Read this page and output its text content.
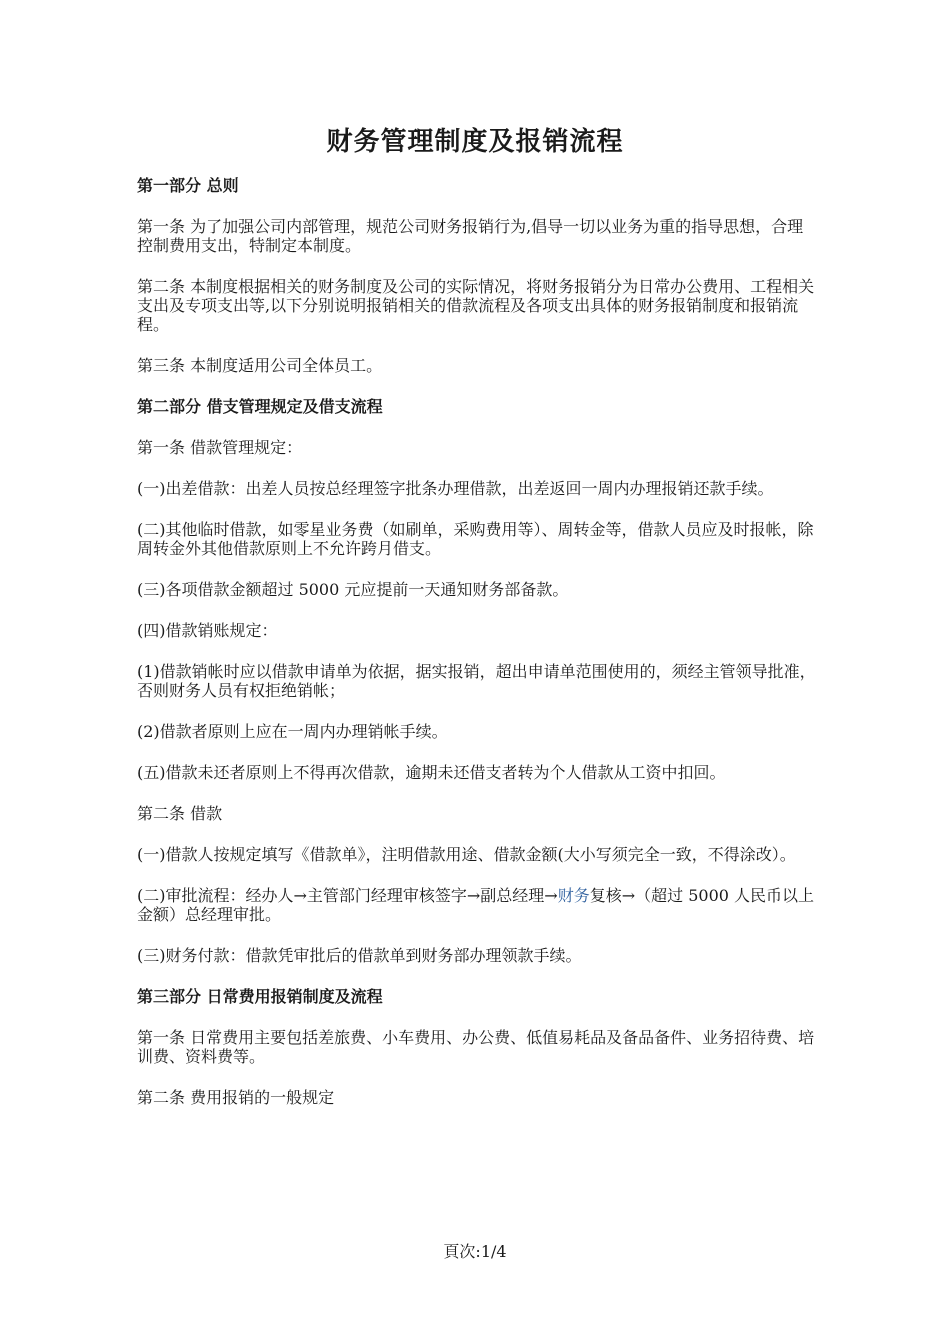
财务管理制度及报销流程

第一部分 总则

第一条 为了加强公司内部管理，规范公司财务报销行为,倡导一切以业务为重的指导思想，合理控制费用支出，特制定本制度。

第二条 本制度根据相关的财务制度及公司的实际情况，将财务报销分为日常办公费用、工程相关支出及专项支出等,以下分别说明报销相关的借款流程及各项支出具体的财务报销制度和报销流程。

第三条 本制度适用公司全体员工。

第二部分 借支管理规定及借支流程

第一条 借款管理规定：

(一)出差借款：出差人员按总经理签字批条办理借款，出差返回一周内办理报销还款手续。

(二)其他临时借款，如零星业务费（如刷单，采购费用等）、周转金等，借款人员应及时报帐，除周转金外其他借款原则上不允许跨月借支。

(三)各项借款金额超过 5000 元应提前一天通知财务部备款。

(四)借款销账规定：

(1)借款销帐时应以借款申请单为依据，据实报销，超出申请单范围使用的，须经主管领导批准，否则财务人员有权拒绝销帐；

(2)借款者原则上应在一周内办理销帐手续。

(五)借款未还者原则上不得再次借款，逾期未还借支者转为个人借款从工资中扣回。

第二条 借款

(一)借款人按规定填写《借款单》，注明借款用途、借款金额(大小写须完全一致，不得涂改）。

(二)审批流程：经办人→主管部门经理审核签字→副总经理→财务复核→（超过 5000 人民币以上金额）总经理审批。

(三)财务付款：借款凭审批后的借款单到财务部办理领款手续。

第三部分 日常费用报销制度及流程

第一条 日常费用主要包括差旅费、小车费用、办公费、低值易耗品及备品备件、业务招待费、培训费、资料费等。

第二条 费用报销的一般规定

頁次:1/4
